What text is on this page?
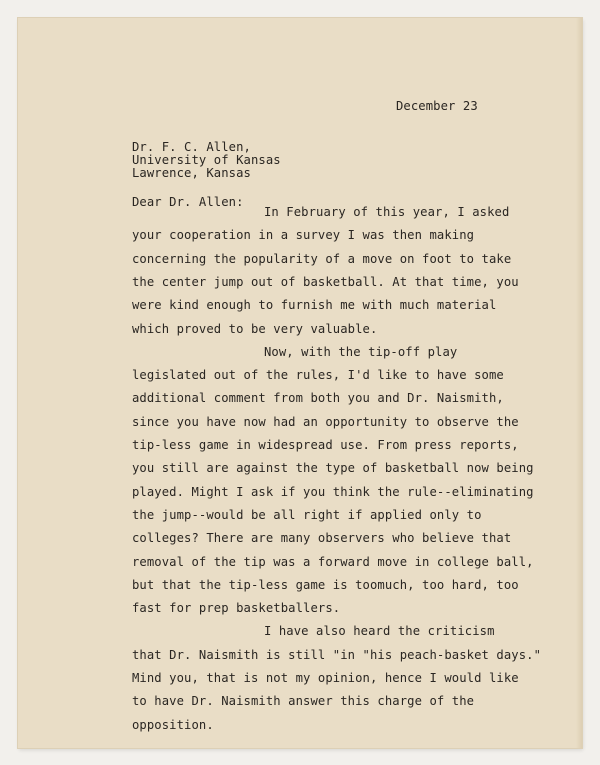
December 23
Dr. F. C. Allen,
University of Kansas
Lawrence, Kansas
Dear Dr. Allen:
In February of this year, I asked
your cooperation in a survey I was then making
concerning the popularity of a move on foot to take
the center jump out of basketball. At that time, you
were kind enough to furnish me with much material
which proved to be very valuable.
Now, with the tip-off play
legislated out of the rules, I'd like to have some
additional comment from both you and Dr. Naismith,
since you have now had an opportunity to observe the
tip-less game in widespread use. From press reports,
you still are against the type of basketball now being
played. Might I ask if you think the rule--eliminating
the jump--would be all right if applied only to
colleges? There are many observers who believe that
removal of the tip was a forward move in college ball,
but that the tip-less game is toomuch, too hard, too
fast for prep basketballers.
I have also heard the criticism
that Dr. Naismith is still "in "his peach-basket days."
Mind you, that is not my opinion, hence I would like
to have Dr. Naismith answer this charge of the
opposition.
